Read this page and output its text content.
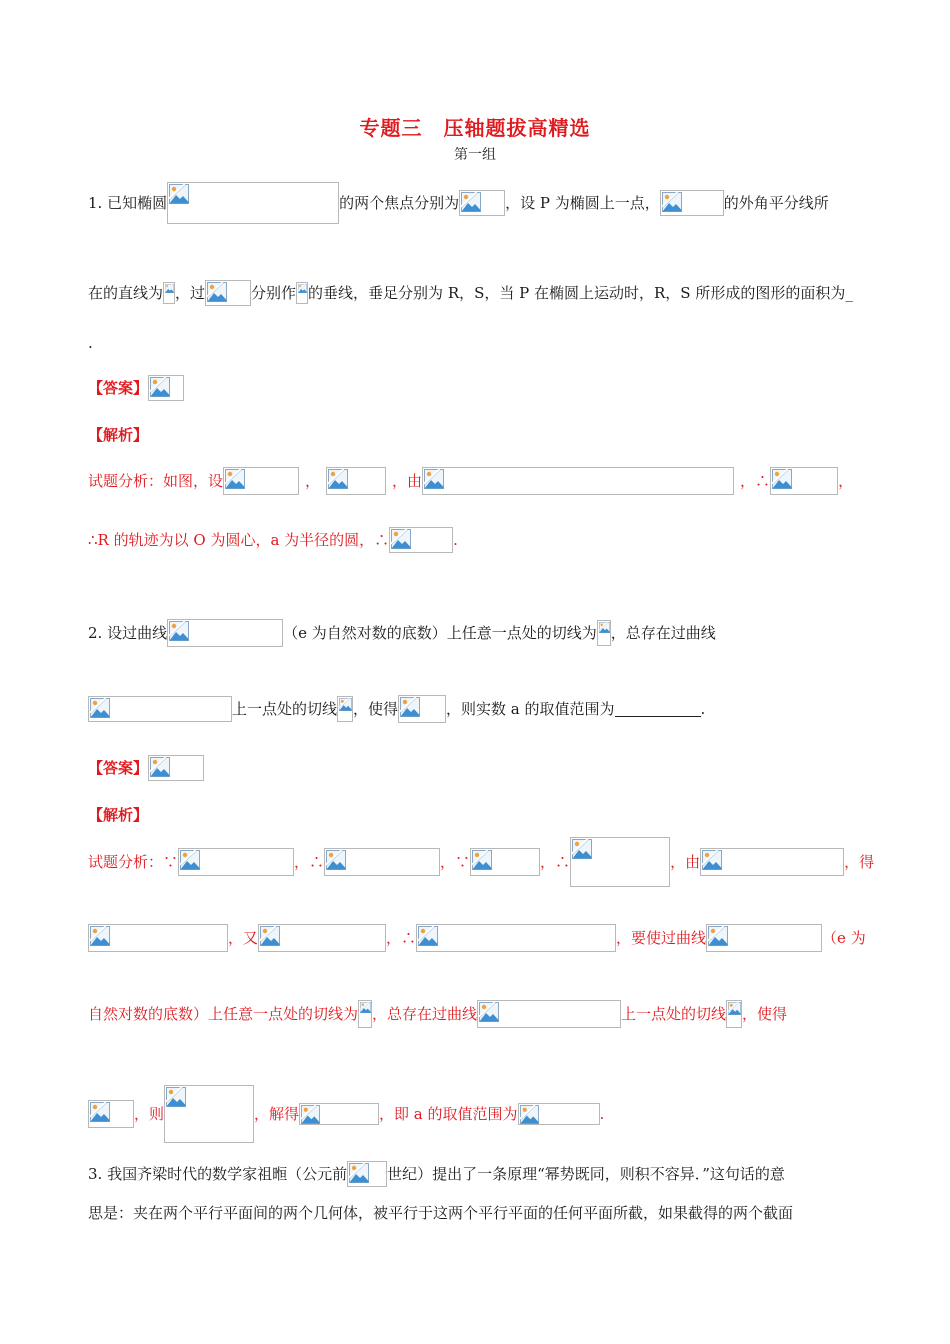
专题三　压轴题拔高精选
第一组
1. 已知椭圆	的两个焦点分别为	，设 P 为椭圆上一点，	的外角平分线所
在的直线为 ，过	分别作 的垂线，垂足分别为 R，S，当 P 在椭圆上运动时，R，S 所形成的图形的面积为_
.
【答案】
【解析】
试题分析：如图，设	，	，由	，∴	，
∴R 的轨迹为以 O 为圆心，a 为半径的圆，∴	.
2. 设过曲线	（e 为自然对数的底数）上任意一点处的切线为 ，总存在过曲线
上一点处的切线 ，使得	，则实数 a 的取值范围为	.
【答案】
【解析】
试题分析：∵	，∴	，∵	，∴	，由	，得
，又	，∴	，要使过曲线	（e 为
自然对数的底数）上任意一点处的切线为 ，总存在过曲线	上一点处的切线 ，使得
，则	，解得	，即 a 的取值范围为	.
3. 我国齐梁时代的数学家祖暅（公元前	世纪）提出了一条原理“幂势既同，则积不容异．”这句话的意
思是：夹在两个平行平面间的两个几何体，被平行于这两个平行平面的任何平面所截，如果截得的两个截面
